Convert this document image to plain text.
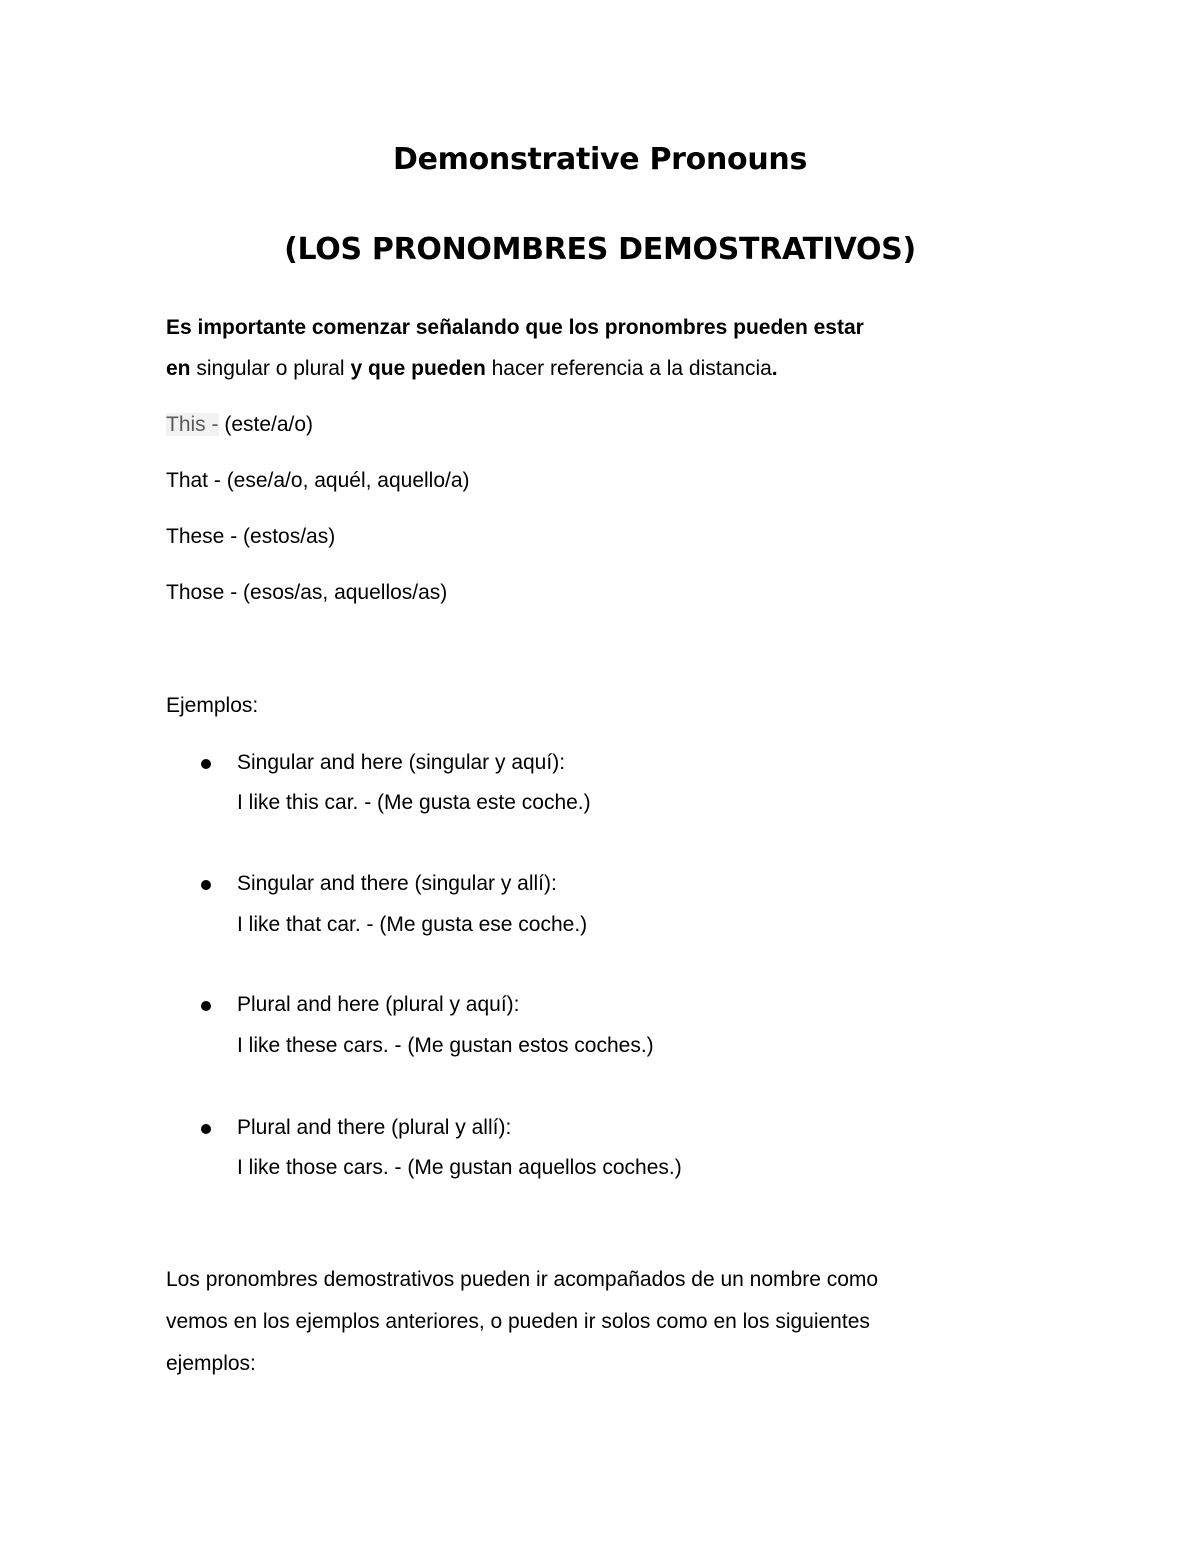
Demonstrative Pronouns
(LOS PRONOMBRES DEMOSTRATIVOS)
Es importante comenzar señalando que los pronombres pueden estar
en singular o plural y que pueden hacer referencia a la distancia.
This - (este/a/o)
That - (ese/a/o, aquél, aquello/a)
These - (estos/as)
Those - (esos/as, aquellos/as)
Ejemplos:
Singular and here (singular y aquí):
I like this car. - (Me gusta este coche.)
Singular and there (singular y allí):
I like that car. - (Me gusta ese coche.)
Plural and here (plural y aquí):
I like these cars. - (Me gustan estos coches.)
Plural and there (plural y allí):
I like those cars. - (Me gustan aquellos coches.)
Los pronombres demostrativos pueden ir acompañados de un nombre como
vemos en los ejemplos anteriores, o pueden ir solos como en los siguientes
ejemplos:
